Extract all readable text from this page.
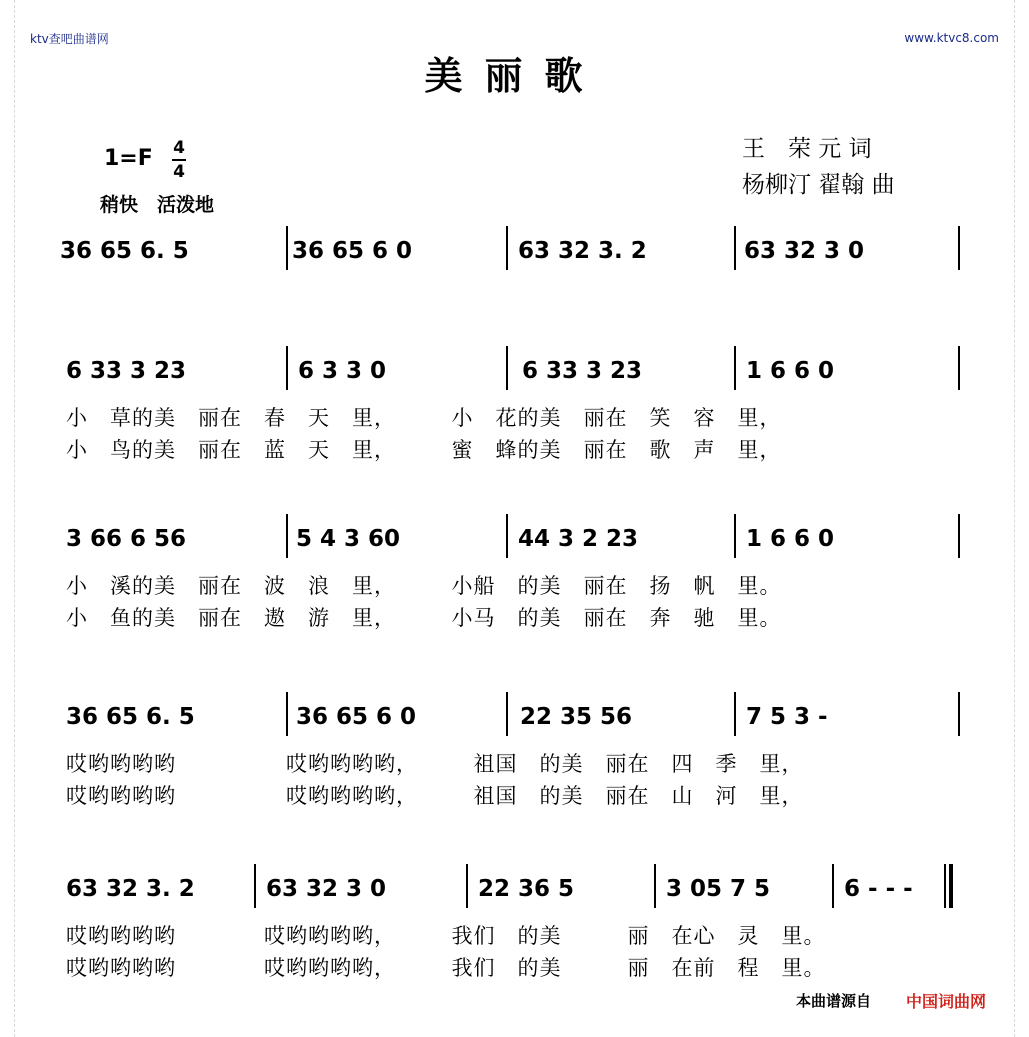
ktv查吧曲谱网	www.ktvc8.com
美丽歌
1=F 4
4
稍快　活泼地
王　荣 元 词
杨柳汀 翟翰 曲
36 65 6. 5	36 65 6 0	63 32 3. 2	63 32 3 0
6 33 3 23	6 3 3 0	6 33 3 23	1 6 6 0
小　草的美　丽在　春　天　里，　　　小　花的美　丽在　笑　容　里，
小　鸟的美　丽在　蓝　天　里，　　　蜜　蜂的美　丽在　歌　声　里，
3 66 6 56	5 4 3 60	44 3 2 23	1 6 6 0
小　溪的美　丽在　波　浪　里，　　　小船　的美　丽在　扬　帆　里。
小　鱼的美　丽在　遨　游　里，　　　小马　的美　丽在　奔　驰　里。
36 65 6. 5	36 65 6 0	22 35 56	7 5 3 -
哎哟哟哟哟　　　　　哎哟哟哟哟，　　　祖国　的美　丽在　四　季　里，
哎哟哟哟哟　　　　　哎哟哟哟哟，　　　祖国　的美　丽在　山　河　里，
63 32 3. 2	63 32 3 0	22 36 5	3 05 7 5	6 - - -
哎哟哟哟哟　　　　哎哟哟哟哟，　　　我们　的美　　　丽　在心　灵　里。
哎哟哟哟哟　　　　哎哟哟哟哟，　　　我们　的美　　　丽　在前　程　里。
本曲谱源自 中国词曲网
